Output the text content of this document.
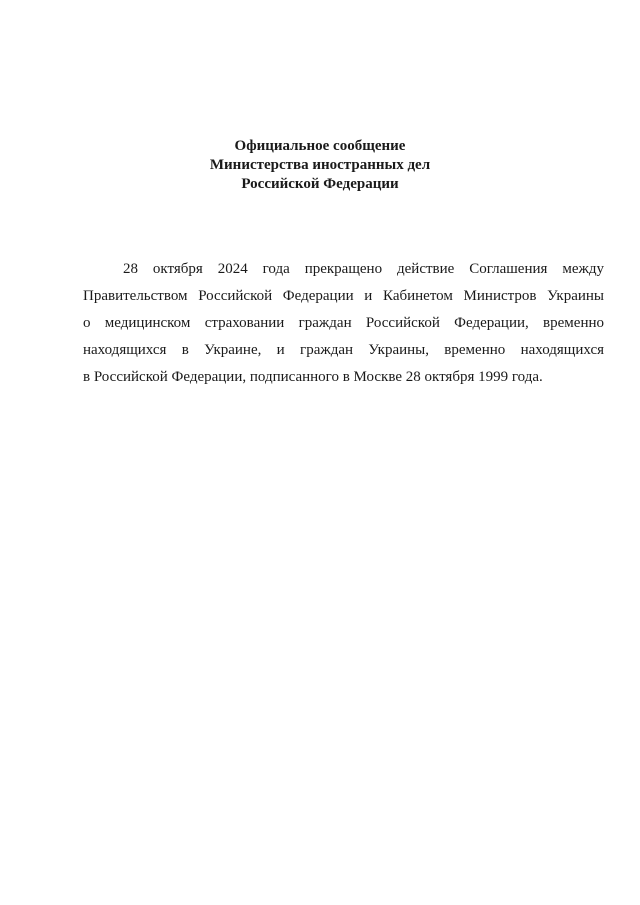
Официальное сообщение
Министерства иностранных дел
Российской Федерации
28 октября 2024 года прекращено действие Соглашения между
Правительством Российской Федерации и Кабинетом Министров Украины
о медицинском страховании граждан Российской Федерации, временно
находящихся в Украине, и граждан Украины, временно находящихся
в Российской Федерации, подписанного в Москве 28 октября 1999 года.
